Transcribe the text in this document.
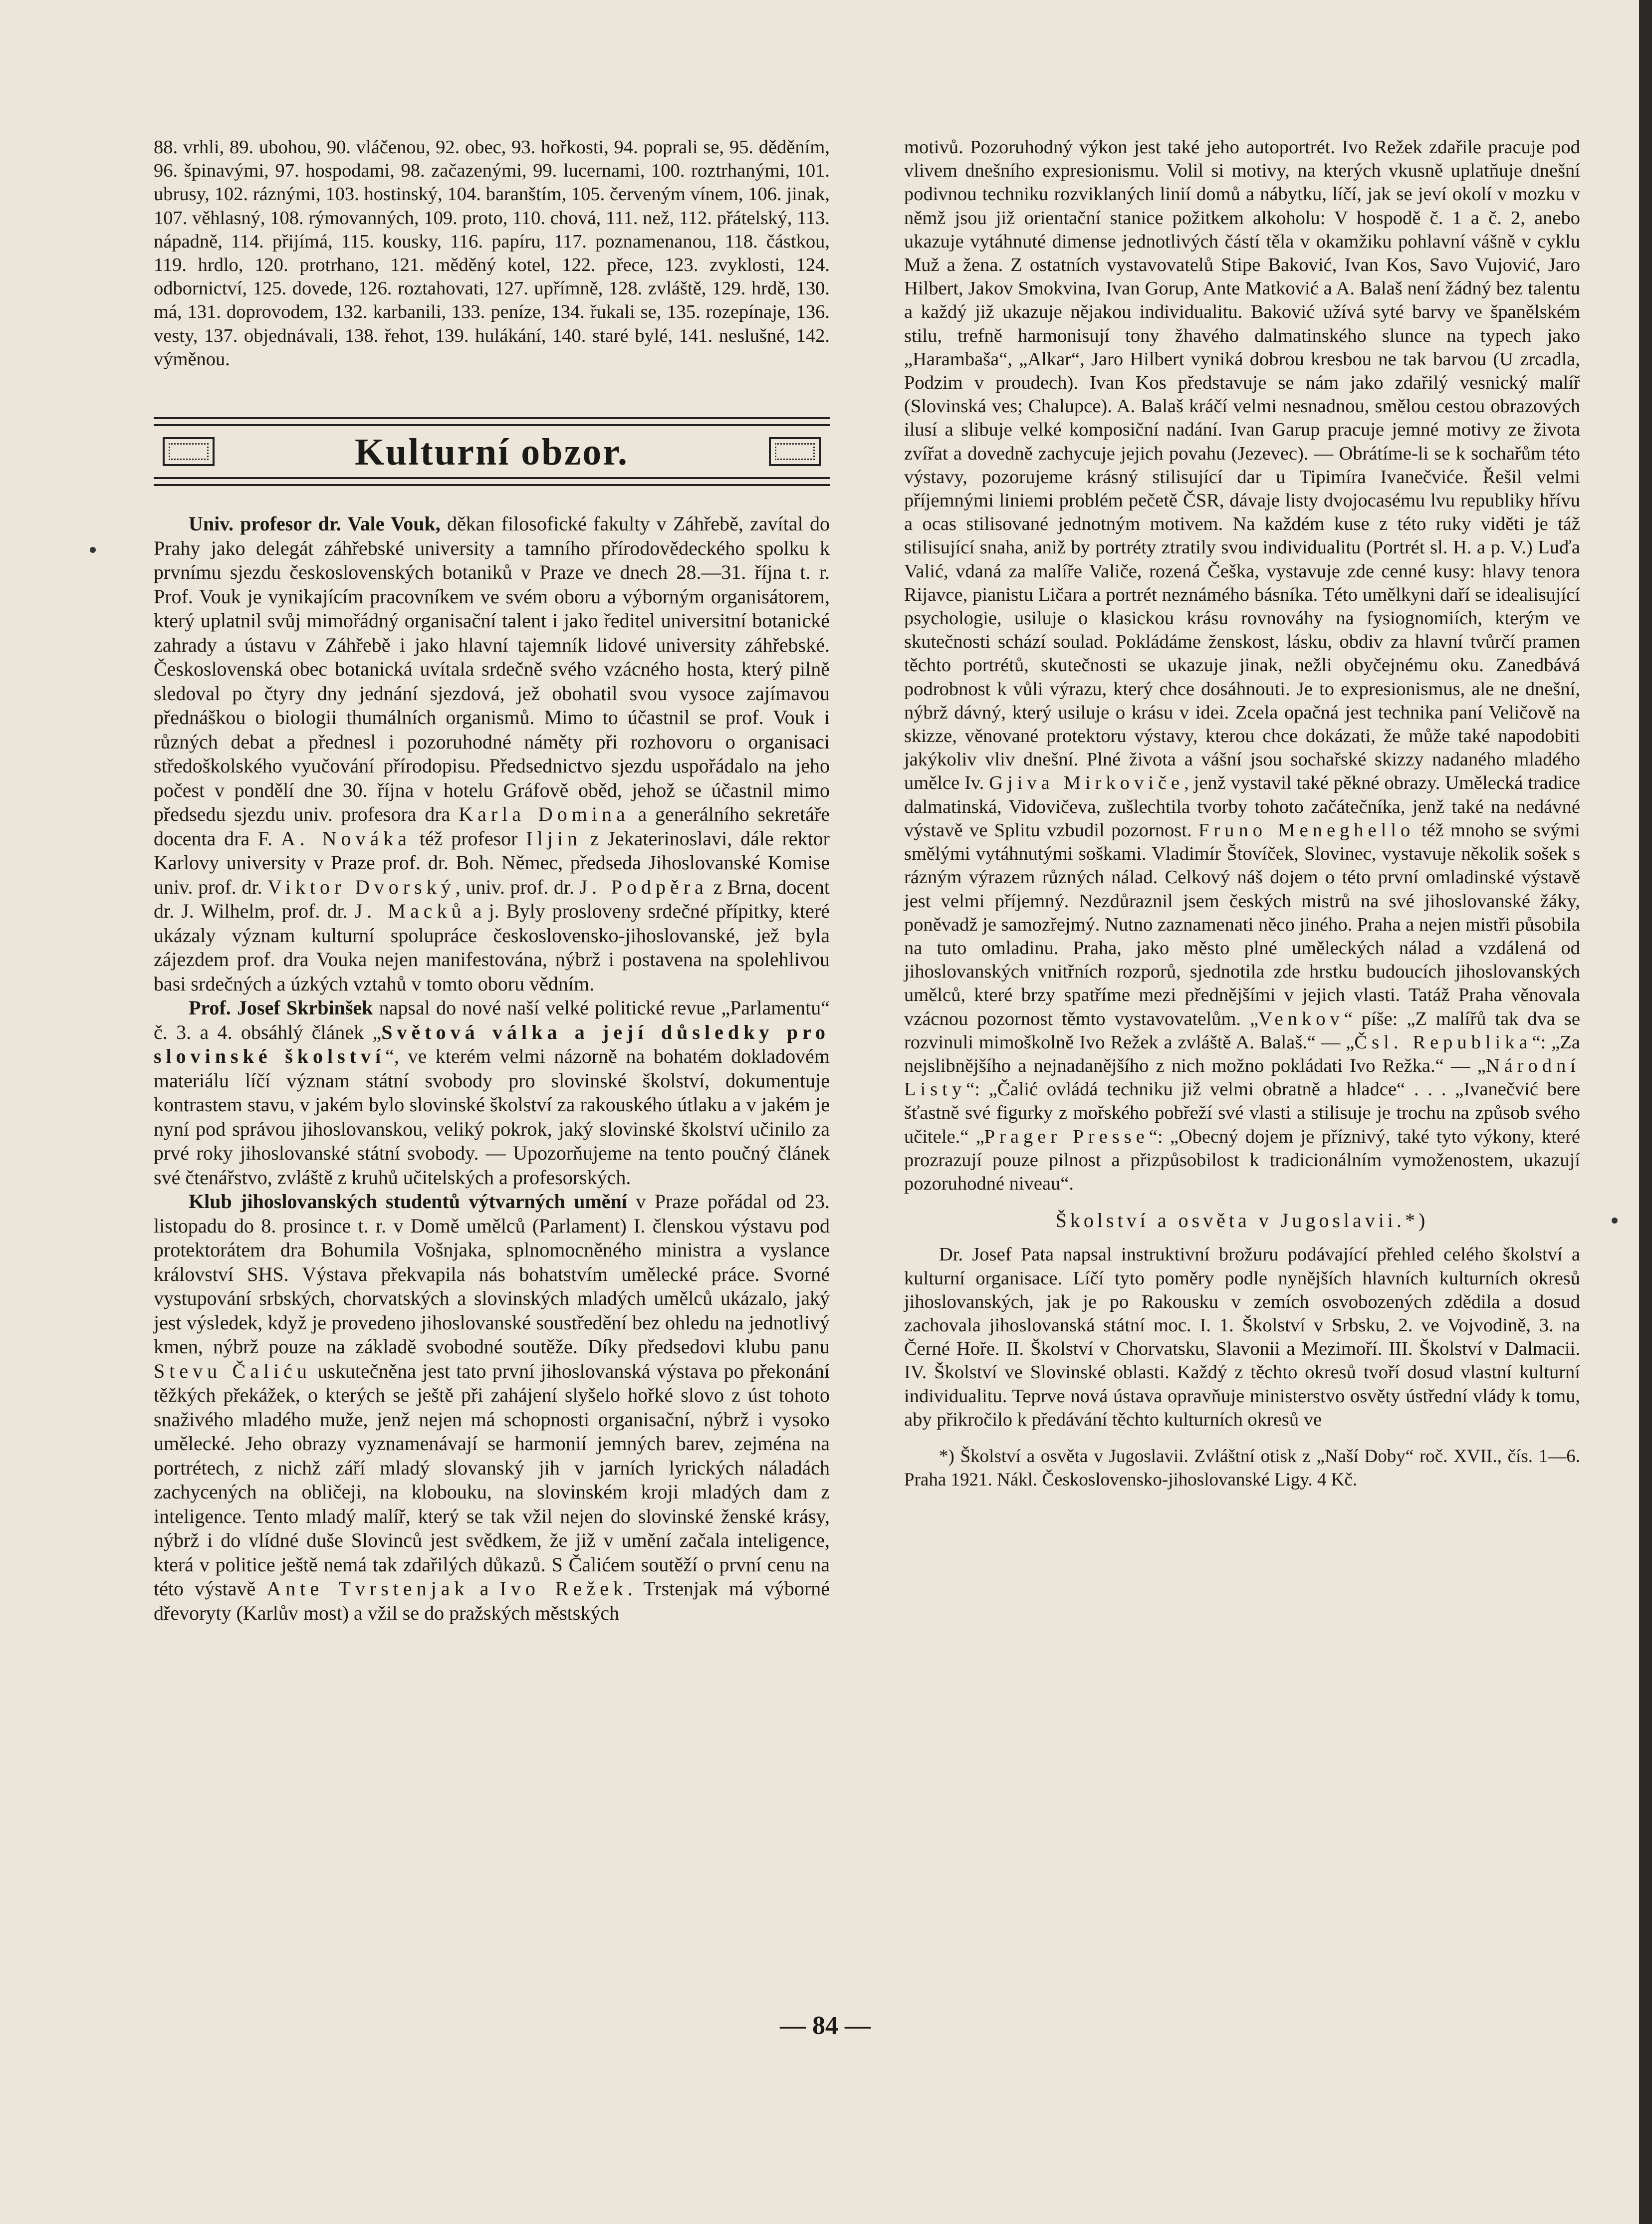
88. vrhli, 89. ubohou, 90. vláčenou, 92. obec, 93. hořkosti, 94. poprali se, 95. děděním, 96. špinavými, 97. hospodami, 98. začazenými, 99. lucernami, 100. roztrhanými, 101. ubrusy, 102. ráznými, 103. hostinský, 104. baranštím, 105. červeným vínem, 106. jinak, 107. věhlasný, 108. rýmovanných, 109. proto, 110. chová, 111. než, 112. přátelský, 113. nápadně, 114. přijímá, 115. kousky, 116. papíru, 117. poznamenanou, 118. částkou, 119. hrdlo, 120. protrhano, 121. měděný kotel, 122. přece, 123. zvyklosti, 124. odbornictví, 125. dovede, 126. roztahovati, 127. upřímně, 128. zvláště, 129. hrdě, 130. má, 131. doprovodem, 132. karbanili, 133. peníze, 134. řukali se, 135. rozepínaje, 136. vesty, 137. objednávali, 138. řehot, 139. hulákání, 140. staré bylé, 141. neslušné, 142. výměnou.

Kulturní obzor.

Univ. profesor dr. Vale Vouk, děkan filosofické fakulty v Záhřebě, zavítal do Prahy jako delegát záhřebské university a tamního přírodovědeckého spolku k prvnímu sjezdu československých botaniků v Praze ve dnech 28.—31. října t. r. Prof. Vouk je vynikajícím pracovníkem ve svém oboru a výborným organisátorem, který uplatnil svůj mimořádný organisační talent i jako ředitel universitní botanické zahrady a ústavu v Záhřebě i jako hlavní tajemník lidové university záhřebské. Československá obec botanická uvítala srdečně svého vzácného hosta, který pilně sledoval po čtyry dny jednání sjezdová, jež obohatil svou vysoce zajímavou přednáškou o biologii thumálních organismů. Mimo to účastnil se prof. Vouk i různých debat a přednesl i pozoruhodné náměty při rozhovoru o organisaci středoškolského vyučování přírodopisu. Předsednictvo sjezdu uspořádalo na jeho počest v pondělí dne 30. října v hotelu Gráfově oběd, jehož se účastnil mimo předsedu sjezdu univ. profesora dra Karla Domina a generálního sekretáře docenta dra F. A. Nováka též profesor Iljin z Jekaterinoslavi, dále rektor Karlovy university v Praze prof. dr. Boh. Němec, předseda Jihoslovanské Komise univ. prof. dr. Viktor Dvorský, univ. prof. dr. J. Podpěra z Brna, docent dr. J. Wilhelm, prof. dr. J. Macků a j. Byly prosloveny srdečné přípitky, které ukázaly význam kulturní spolupráce československo-jihoslovanské, jež byla zájezdem prof. dra Vouka nejen manifestována, nýbrž i postavena na spolehlivou basi srdečných a úzkých vztahů v tomto oboru vědním.

Prof. Josef Skrbinšek napsal do nové naší velké politické revue „Parlamentu“ č. 3. a 4. obsáhlý článek „Světová válka a její důsledky pro slovinské školství“, ve kterém velmi názorně na bohatém dokladovém materiálu líčí význam státní svobody pro slovinské školství, dokumentuje kontrastem stavu, v jakém bylo slovinské školství za rakouského útlaku a v jakém je nyní pod správou jihoslovanskou, veliký pokrok, jaký slovinské školství učinilo za prvé roky jihoslovanské státní svobody. — Upozorňujeme na tento poučný článek své čtenářstvo, zvláště z kruhů učitelských a profesorských.

Klub jihoslovanských studentů výtvarných umění v Praze pořádal od 23. listopadu do 8. prosince t. r. v Domě umělců (Parlament) I. členskou výstavu pod protektorátem dra Bohumila Vošnjaka, splnomocněného ministra a vyslance království SHS. Výstava překvapila nás bohatstvím umělecké práce. Svorné vystupování srbských, chorvatských a slovinských mladých umělců ukázalo, jaký jest výsledek, když je provedeno jihoslovanské soustředění bez ohledu na jednotlivý kmen, nýbrž pouze na základě svobodné soutěže. Díky předsedovi klubu panu Stevu Čaliću uskutečněna jest tato první jihoslovanská výstava po překonání těžkých překážek, o kterých se ještě při zahájení slyšelo hořké slovo z úst tohoto snaživého mladého muže, jenž nejen má schopnosti organisační, nýbrž i vysoko umělecké. Jeho obrazy vyznamenávají se harmonií jemných barev, zejména na portrétech, z nichž září mladý slovanský jih v jarních lyrických náladách zachycených na obličeji, na klobouku, na slovinském kroji mladých dam z inteligence. Tento mladý malíř, který se tak vžil nejen do slovinské ženské krásy, nýbrž i do vlídné duše Slovinců jest svědkem, že již v umění začala inteligence, která v politice ještě nemá tak zdařilých důkazů. S Čalićem soutěží o první cenu na této výstavě Ante Tvrstenjak a Ivo Režek. Trstenjak má výborné dřevoryty (Karlův most) a vžil se do pražských městských

motivů. Pozoruhodný výkon jest také jeho autoportrét. Ivo Režek zdařile pracuje pod vlivem dnešního expresionismu. Volil si motivy, na kterých vkusně uplatňuje dnešní podivnou techniku rozviklaných linií domů a nábytku, líčí, jak se jeví okolí v mozku v němž jsou již orientační stanice požitkem alkoholu: V hospodě č. 1 a č. 2, anebo ukazuje vytáhnuté dimense jednotlivých částí těla v okamžiku pohlavní vášně v cyklu Muž a žena. Z ostatních vystavovatelů Stipe Baković, Ivan Kos, Savo Vujović, Jaro Hilbert, Jakov Smokvina, Ivan Gorup, Ante Matković a A. Balaš není žádný bez talentu a každý již ukazuje nějakou individualitu. Baković užívá syté barvy ve španělském stilu, trefně harmonisují tony žhavého dalmatinského slunce na typech jako „Harambaša“, „Alkar“, Jaro Hilbert vyniká dobrou kresbou ne tak barvou (U zrcadla, Podzim v proudech). Ivan Kos představuje se nám jako zdařilý vesnický malíř (Slovinská ves; Chalupce). A. Balaš kráčí velmi nesnadnou, smělou cestou obrazových ilusí a slibuje velké komposiční nadání. Ivan Garup pracuje jemné motivy ze života zvířat a dovedně zachycuje jejich povahu (Jezevec). — Obrátíme-li se k sochařům této výstavy, pozorujeme krásný stilisující dar u Tipimíra Ivanečviće. Řešil velmi příjemnými liniemi problém pečetě ČSR, dávaje listy dvojocasému lvu republiky hřívu a ocas stilisované jednotným motivem. Na každém kuse z této ruky viděti je táž stilisující snaha, aniž by portréty ztratily svou individualitu (Portrét sl. H. a p. V.) Luďa Valić, vdaná za malíře Valiče, rozená Češka, vystavuje zde cenné kusy: hlavy tenora Rijavce, pianistu Ličara a portrét neznámého básníka. Této umělkyni daří se idealisující psychologie, usiluje o klasickou krásu rovnováhy na fysiognomiích, kterým ve skutečnosti schází soulad. Pokládáme ženskost, lásku, obdiv za hlavní tvůrčí pramen těchto portrétů, skutečnosti se ukazuje jinak, nežli obyčejnému oku. Zanedbává podrobnost k vůli výrazu, který chce dosáhnouti. Je to expresionismus, ale ne dnešní, nýbrž dávný, který usiluje o krásu v idei. Zcela opačná jest technika paní Veličově na skizze, věnované protektoru výstavy, kterou chce dokázati, že může také napodobiti jakýkoliv vliv dnešní. Plné života a vášní jsou sochařské skizzy nadaného mladého umělce Iv. Gjiva Mirkoviče, jenž vystavil také pěkné obrazy. Umělecká tradice dalmatinská, Vidovičeva, zušlechtila tvorby tohoto začátečníka, jenž také na nedávné výstavě ve Splitu vzbudil pozornost. Fruno Meneghello též mnoho se svými smělými vytáhnutými soškami. Vladimír Štovíček, Slovinec, vystavuje několik sošek s rázným výrazem různých nálad. Celkový náš dojem o této první omladinské výstavě jest velmi příjemný. Nezdůraznil jsem českých mistrů na své jihoslovanské žáky, poněvadž je samozřejmý. Nutno zaznamenati něco jiného. Praha a nejen mistři působila na tuto omladinu. Praha, jako město plné uměleckých nálad a vzdálená od jihoslovanských vnitřních rozporů, sjednotila zde hrstku budoucích jihoslovanských umělců, které brzy spatříme mezi přednějšími v jejich vlasti. Tatáž Praha věnovala vzácnou pozornost těmto vystavovatelům. „Venkov“ píše: „Z malířů tak dva se rozvinuli mimoškolně Ivo Režek a zvláště A. Balaš.“ — „Čsl. Republika“: „Za nejslibnějšího a nejnadanějšího z nich možno pokládati Ivo Režka.“ — „Národní Listy“: „Čalić ovládá techniku již velmi obratně a hladce“ . . . „Ivanečvić bere šťastně své figurky z mořského pobřeží své vlasti a stilisuje je trochu na způsob svého učitele.“ „Prager Presse“: „Obecný dojem je příznivý, také tyto výkony, které prozrazují pouze pilnost a přizpůsobilost k tradicionálním vymoženostem, ukazují pozoruhodné niveau“.

Školství a osvěta v Jugoslavii.*)

Dr. Josef Pata napsal instruktivní brožuru podávající přehled celého školství a kulturní organisace. Líčí tyto poměry podle nynějších hlavních kulturních okresů jihoslovanských, jak je po Rakousku v zemích osvobozených zdědila a dosud zachovala jihoslovanská státní moc. I. 1. Školství v Srbsku, 2. ve Vojvodině, 3. na Černé Hoře. II. Školství v Chorvatsku, Slavonii a Mezimoří. III. Školství v Dalmacii. IV. Školství ve Slovinské oblasti. Každý z těchto okresů tvoří dosud vlastní kulturní individualitu. Teprve nová ústava opravňuje ministerstvo osvěty ústřední vlády k tomu, aby přikročilo k předávání těchto kulturních okresů ve

*) Školství a osvěta v Jugoslavii. Zvláštní otisk z „Naší Doby“ roč. XVII., čís. 1—6. Praha 1921. Nákl. Československo-jihoslovanské Ligy. 4 Kč.

— 84 —
